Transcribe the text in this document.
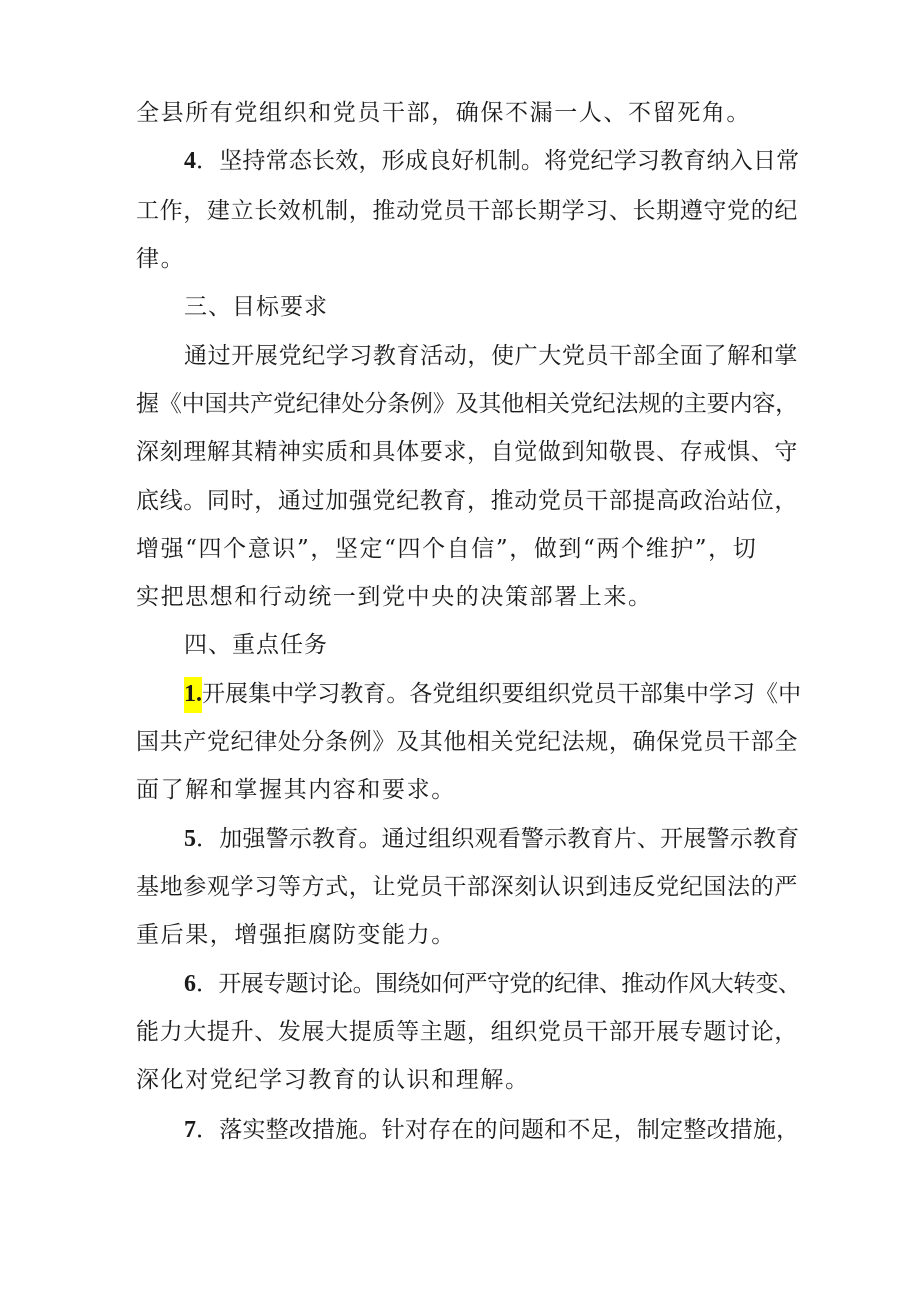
全县所有党组织和党员干部，确保不漏一人、不留死角。
4．坚持常态长效，形成良好机制。将党纪学习教育纳入日常
工作，建立长效机制，推动党员干部长期学习、长期遵守党的纪
律。
三、目标要求
通过开展党纪学习教育活动，使广大党员干部全面了解和掌
握《中国共产党纪律处分条例》及其他相关党纪法规的主要内容，
深刻理解其精神实质和具体要求，自觉做到知敬畏、存戒惧、守
底线。同时，通过加强党纪教育，推动党员干部提高政治站位，
增强“四个意识”，坚定“四个自信”，做到“两个维护”，切
实把思想和行动统一到党中央的决策部署上来。
四、重点任务
1.开展集中学习教育。各党组织要组织党员干部集中学习《中
国共产党纪律处分条例》及其他相关党纪法规，确保党员干部全
面了解和掌握其内容和要求。
5．加强警示教育。通过组织观看警示教育片、开展警示教育
基地参观学习等方式，让党员干部深刻认识到违反党纪国法的严
重后果，增强拒腐防变能力。
6．开展专题讨论。围绕如何严守党的纪律、推动作风大转变、
能力大提升、发展大提质等主题，组织党员干部开展专题讨论，
深化对党纪学习教育的认识和理解。
7．落实整改措施。针对存在的问题和不足，制定整改措施，
